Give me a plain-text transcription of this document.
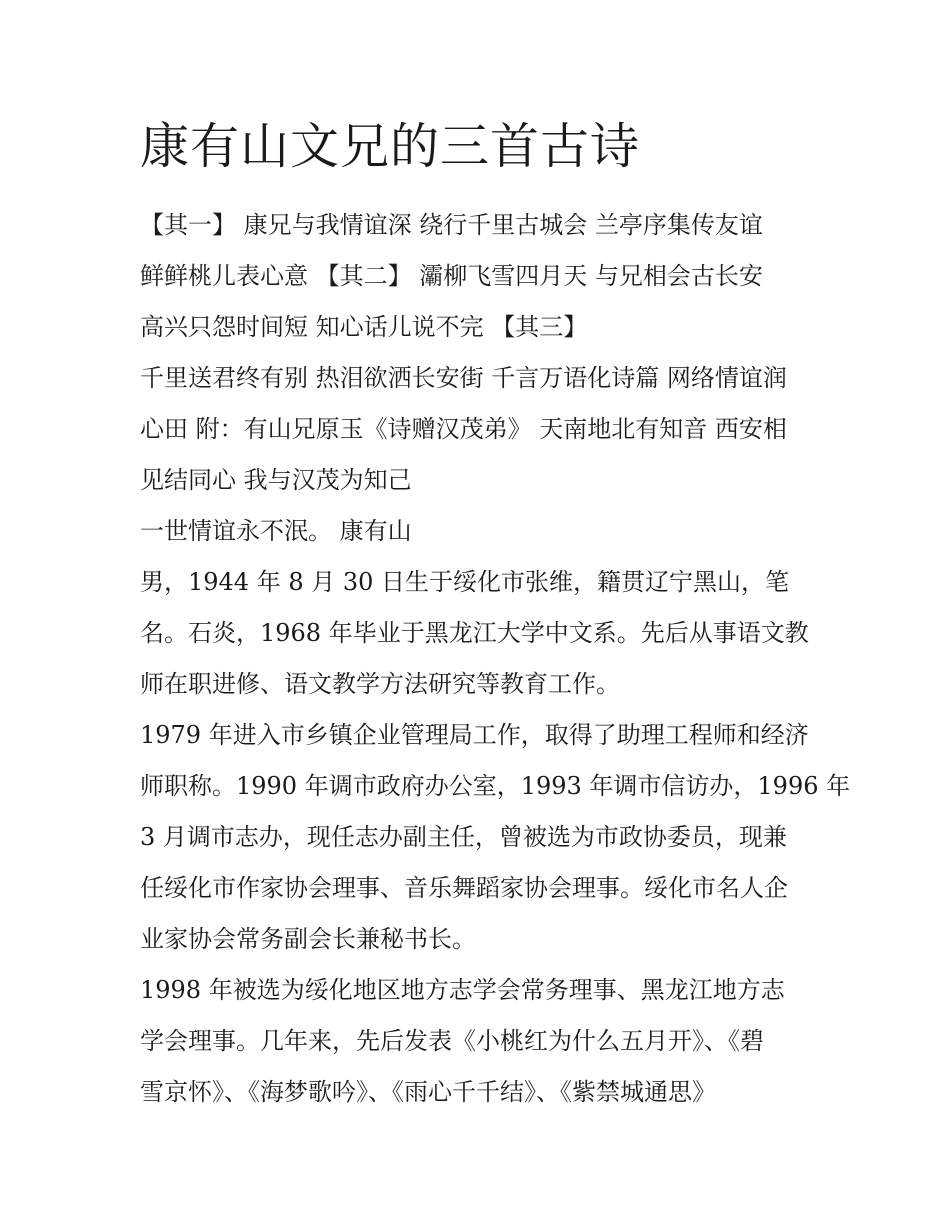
康有山文兄的三首古诗
【其一】 康兄与我情谊深 绕行千里古城会 兰亭序集传友谊
鲜鲜桃儿表心意 【其二】 灞柳飞雪四月天 与兄相会古长安
高兴只怨时间短 知心话儿说不完 【其三】
千里送君终有别 热泪欲洒长安街 千言万语化诗篇 网络情谊润
心田 附：有山兄原玉《诗赠汉茂弟》 天南地北有知音 西安相
见结同心 我与汉茂为知己
一世情谊永不泯。 康有山
男，1944 年 8 月 30 日生于绥化市张维，籍贯辽宁黑山，笔
名。石炎，1968 年毕业于黑龙江大学中文系。先后从事语文教
师在职进修、语文教学方法研究等教育工作。
1979 年进入市乡镇企业管理局工作，取得了助理工程师和经济
师职称。1990 年调市政府办公室，1993 年调市信访办，1996 年
3 月调市志办，现任志办副主任，曾被选为市政协委员，现兼
任绥化市作家协会理事、音乐舞蹈家协会理事。绥化市名人企
业家协会常务副会长兼秘书长。
1998 年被选为绥化地区地方志学会常务理事、黑龙江地方志
学会理事。几年来，先后发表《小桃红为什么五月开》、《碧
雪京怀》、《海梦歌吟》、《雨心千千结》、《紫禁城通思》
